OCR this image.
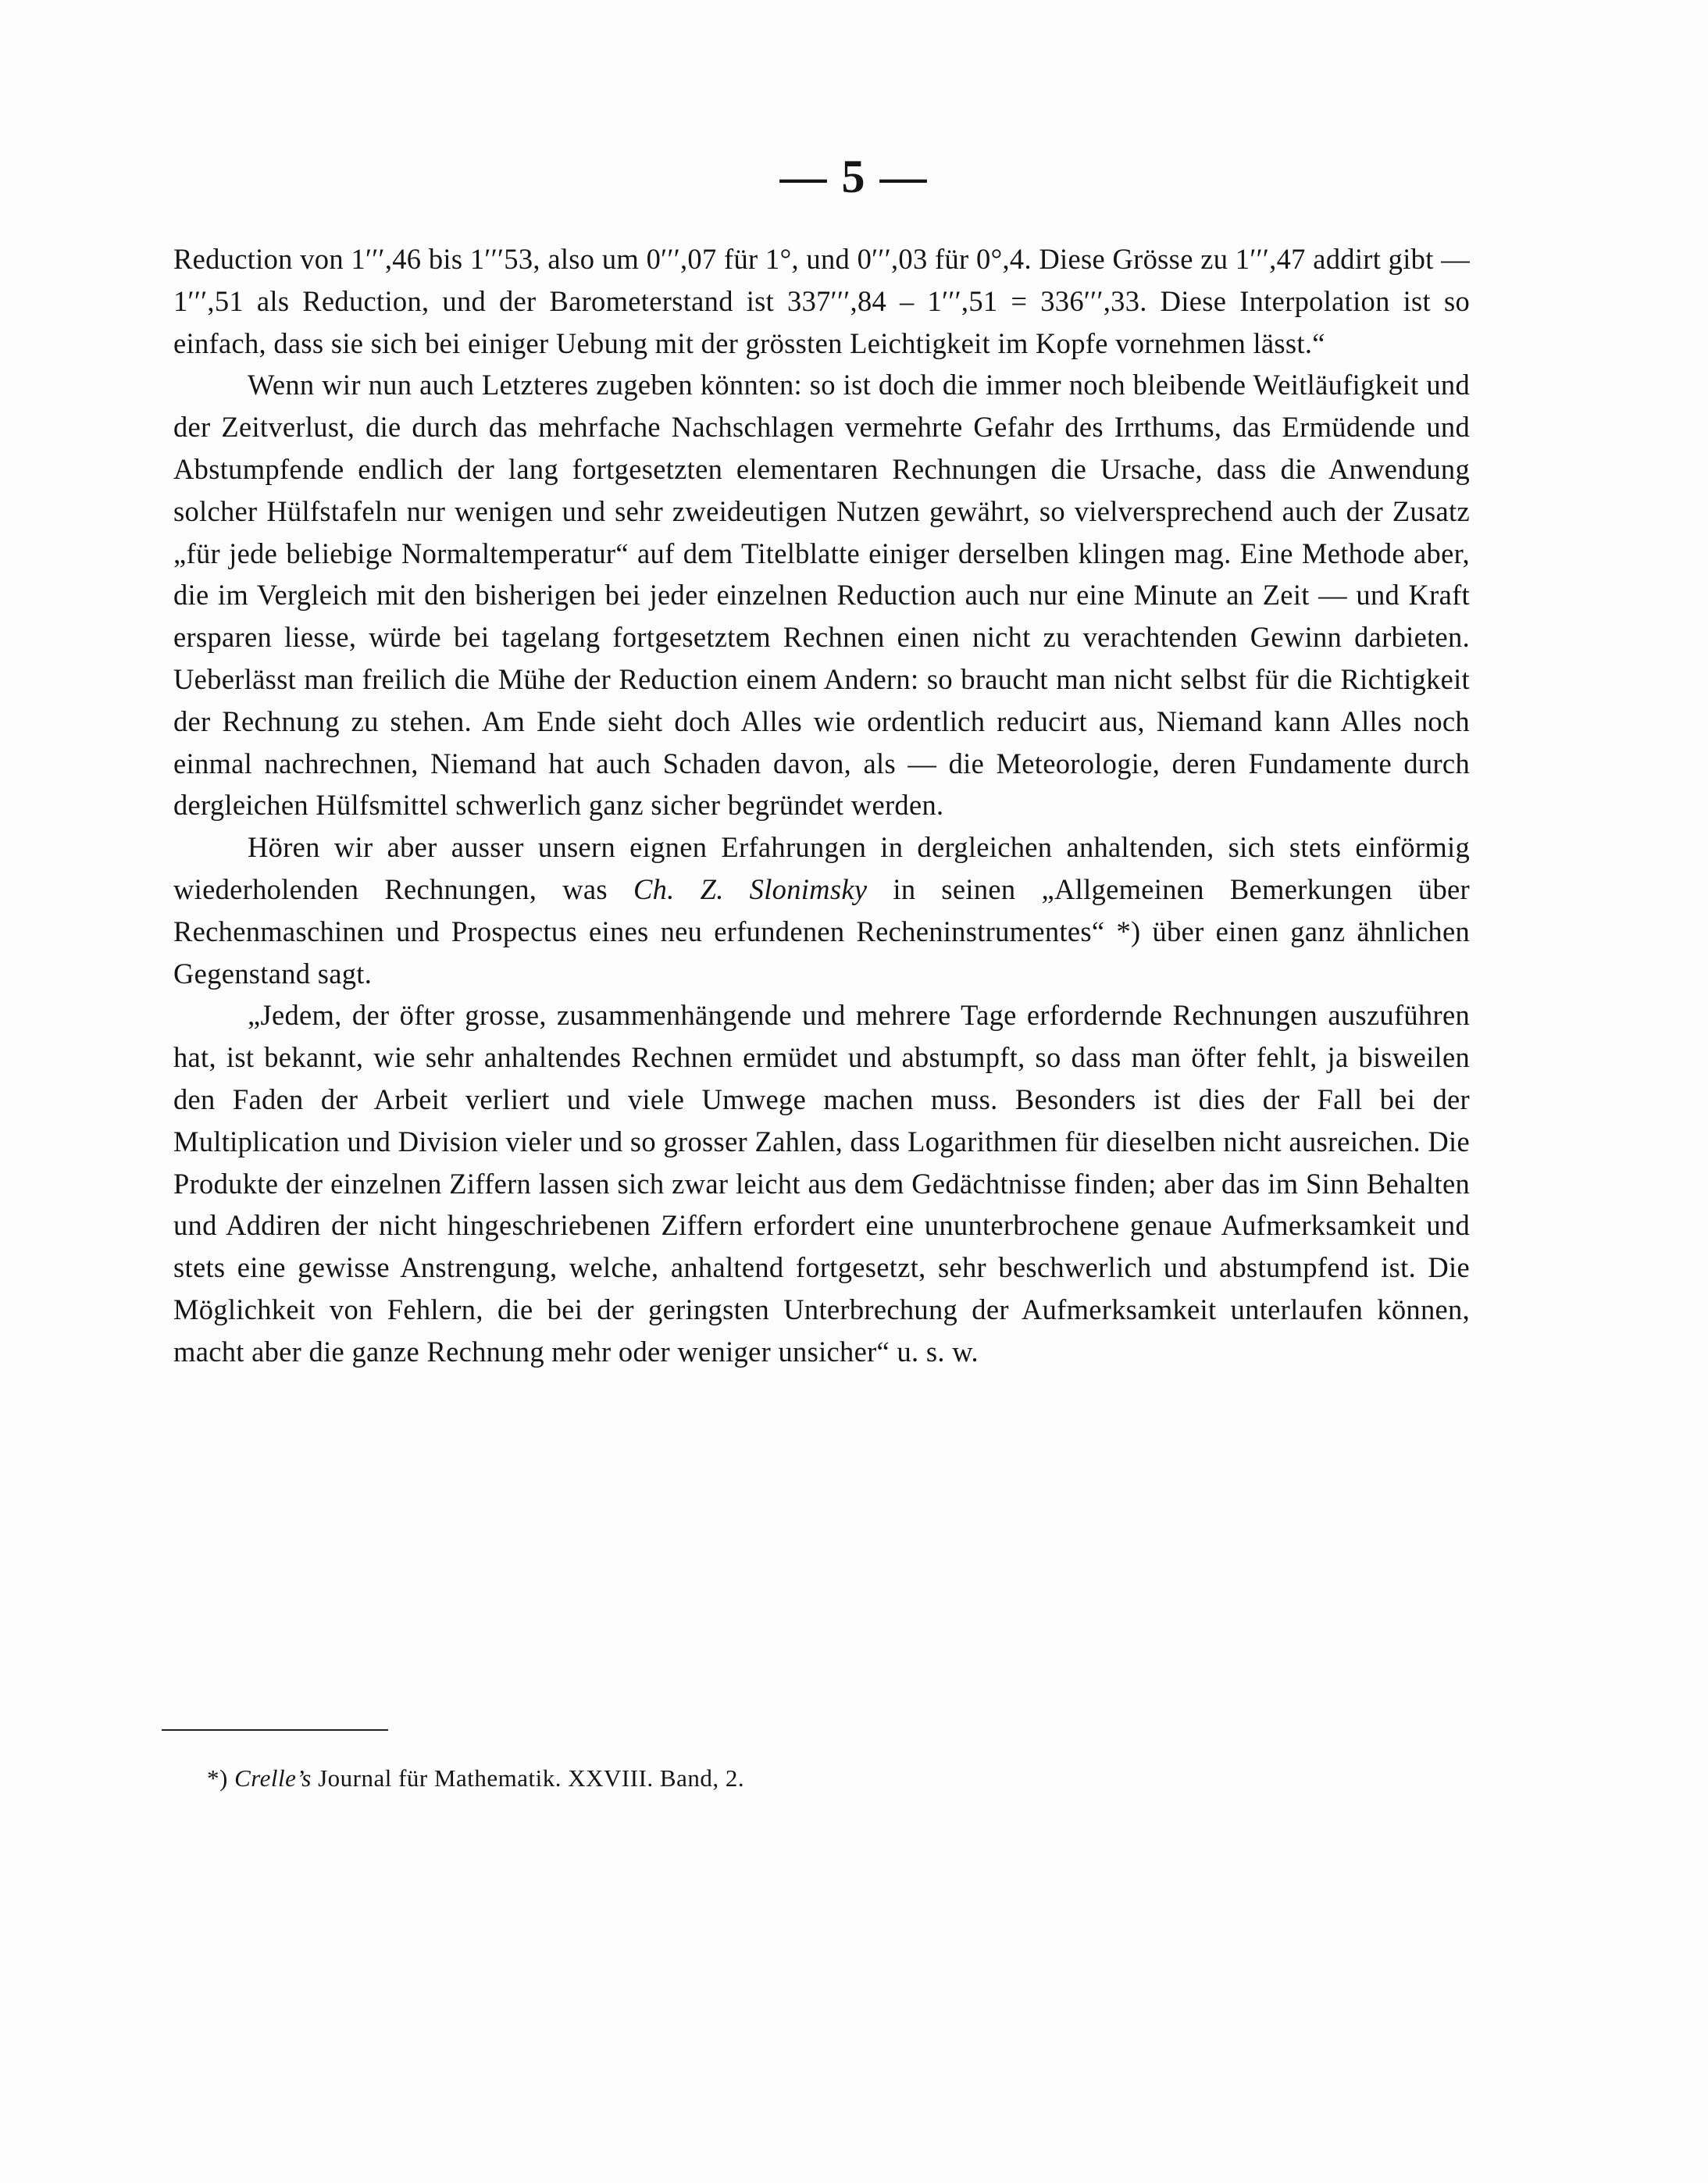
— 5 —

Reduction von 1′′′,46 bis 1′′′53, also um 0′′′,07 für 1°, und 0′′′,03 für 0°,4. Diese Grösse zu 1′′′,47 addirt gibt — 1′′′,51 als Reduction, und der Barometerstand ist 337′′′,84 – 1′′′,51 = 336′′′,33. Diese Interpolation ist so einfach, dass sie sich bei einiger Uebung mit der grössten Leichtigkeit im Kopfe vornehmen lässt.“

Wenn wir nun auch Letzteres zugeben könnten: so ist doch die immer noch bleibende Weitläufigkeit und der Zeitverlust, die durch das mehrfache Nachschlagen vermehrte Gefahr des Irrthums, das Ermüdende und Abstumpfende endlich der lang fortgesetzten elementaren Rechnungen die Ursache, dass die Anwendung solcher Hülfstafeln nur wenigen und sehr zweideutigen Nutzen gewährt, so vielversprechend auch der Zusatz „für jede beliebige Normaltemperatur“ auf dem Titelblatte einiger derselben klingen mag. Eine Methode aber, die im Vergleich mit den bisherigen bei jeder einzelnen Reduction auch nur eine Minute an Zeit — und Kraft ersparen liesse, würde bei tagelang fortgesetztem Rechnen einen nicht zu verachtenden Gewinn darbieten. Ueberlässt man freilich die Mühe der Reduction einem Andern: so braucht man nicht selbst für die Richtigkeit der Rechnung zu stehen. Am Ende sieht doch Alles wie ordentlich reducirt aus, Niemand kann Alles noch einmal nachrechnen, Niemand hat auch Schaden davon, als — die Meteorologie, deren Fundamente durch dergleichen Hülfsmittel schwerlich ganz sicher begründet werden.

Hören wir aber ausser unsern eignen Erfahrungen in dergleichen anhaltenden, sich stets einförmig wiederholenden Rechnungen, was Ch. Z. Slonimsky in seinen „Allgemeinen Bemerkungen über Rechenmaschinen und Prospectus eines neu erfundenen Recheninstrumentes“ *) über einen ganz ähnlichen Gegenstand sagt.

„Jedem, der öfter grosse, zusammenhängende und mehrere Tage erfordernde Rechnungen auszuführen hat, ist bekannt, wie sehr anhaltendes Rechnen ermüdet und abstumpft, so dass man öfter fehlt, ja bisweilen den Faden der Arbeit verliert und viele Umwege machen muss. Besonders ist dies der Fall bei der Multiplication und Division vieler und so grosser Zahlen, dass Logarithmen für dieselben nicht ausreichen. Die Produkte der einzelnen Ziffern lassen sich zwar leicht aus dem Gedächtnisse finden; aber das im Sinn Behalten und Addiren der nicht hingeschriebenen Ziffern erfordert eine ununterbrochene genaue Aufmerksamkeit und stets eine gewisse Anstrengung, welche, anhaltend fortgesetzt, sehr beschwerlich und abstumpfend ist. Die Möglichkeit von Fehlern, die bei der geringsten Unterbrechung der Aufmerksamkeit unterlaufen können, macht aber die ganze Rechnung mehr oder weniger unsicher“ u. s. w.

*) Crelle’s Journal für Mathematik. XXVIII. Band, 2.
